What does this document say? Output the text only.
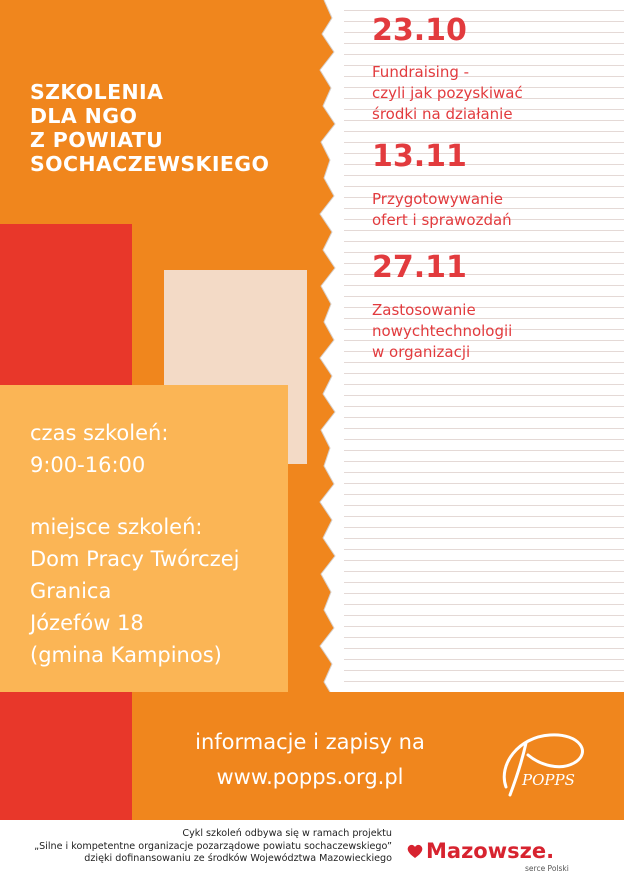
SZKOLENIA
DLA NGO
Z POWIATU
SOCHACZEWSKIEGO
23.10
Fundraising -
czyli jak pozyskiwać
środki na działanie
13.11
Przygotowywanie
ofert i sprawozdań
27.11
Zastosowanie
nowychtechnologii
w organizacji
czas szkoleń:
9:00-16:00
miejsce szkoleń:
Dom Pracy Twórczej
Granica
Józefów 18
(gmina Kampinos)
informacje i zapisy na
www.popps.org.pl	POPPS
Cykl szkoleń odbywa się w ramach projektu
„Silne i kompetentne organizacje pozarządowe powiatu sochaczewskiego”
dzięki dofinansowaniu ze środków Województwa Mazowieckiego Mazowsze.
serce Polski
